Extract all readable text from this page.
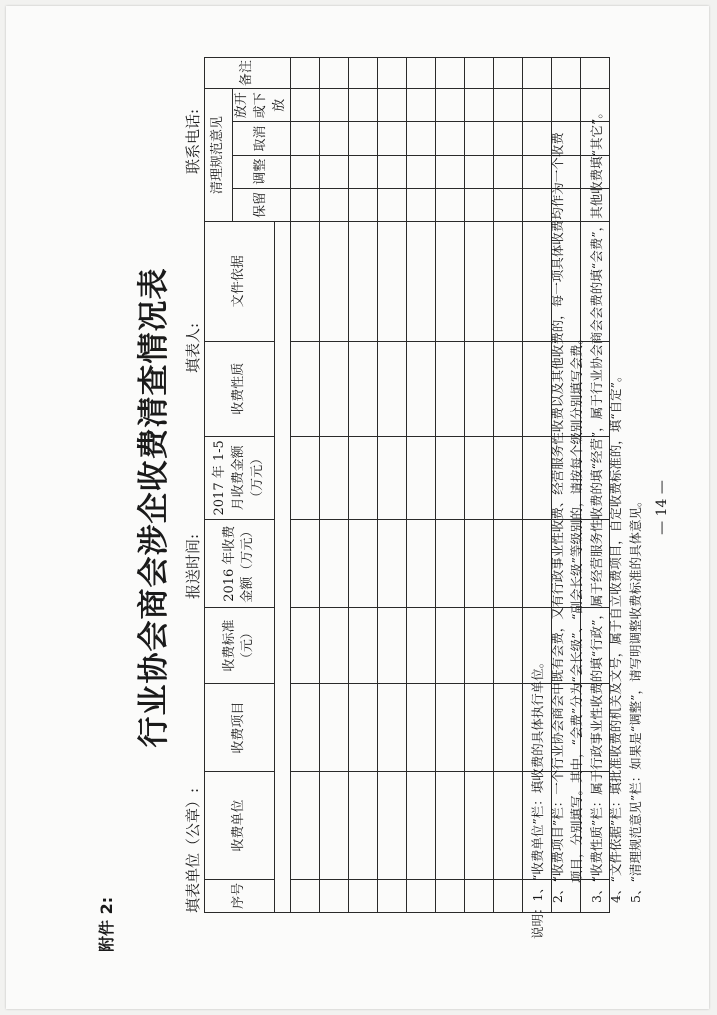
附件 2:
行业协会商会涉企收费清查情况表
填表单位（公章）:
报送时间:
填表人:
联系电话:
序号	收费单位	收费项目	收费标准（元）	2016 年收费金额（万元）	2017 年 1-5 月收费金额（万元）	收费性质	文件依据	清理规范意见				备注
								保留	调整	取消	放开或下放	

说明：1、“收费单位”栏：填收费的具体执行单位。 2、“收费项目”栏：一个行业协会商会中既有会费，又有行政事业性收费、经营服务性收费以及其他收费的，每一项具体收费均作为一个收费 项目，分别填写。其中，“会费”分为“会长级”、“副会长级”等级别的，请按每个级别分别填写会费。 3、“收费性质”栏：属于行政事业性收费的填“行政”，属于经营服务性收费的填“经营”，属于行业协会商会会费的填“会费”，其他收费填“其它”。 4、“文件依据”栏：填批准收费的机关及文号，属于自立收费项目，自定收费标准的，填“自定”。 5、“清理规范意见”栏：如果是“调整”，请写明调整收费标准的具体意见。 — 14 —
